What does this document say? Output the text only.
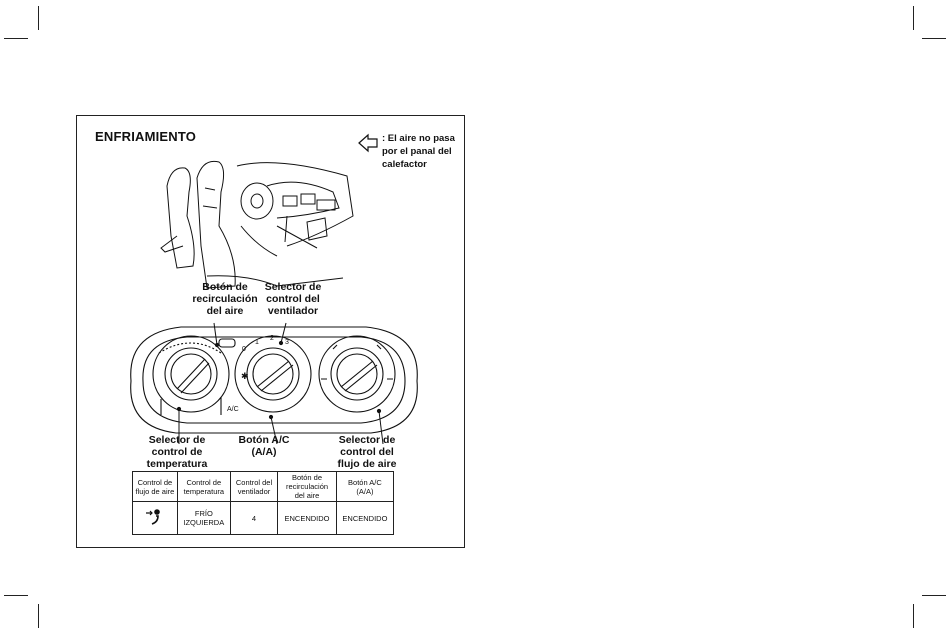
ENFRIAMIENTO	: El aire no pasa por el panal del calefactor
Botón de
recirculación
del aire
Selector de
control del
ventilador
0
1
2
3
A/C
✱
Selector de
control de
temperatura
Botón A/C
(A/A)
Selector de
control del
flujo de aire
Control de flujo de aire	Control de temperatura	Control del ventilador	Botón de recirculación del aire	Botón A/C (A/A)
	FRÍO IZQUIERDA	4	ENCENDIDO	ENCENDIDO
